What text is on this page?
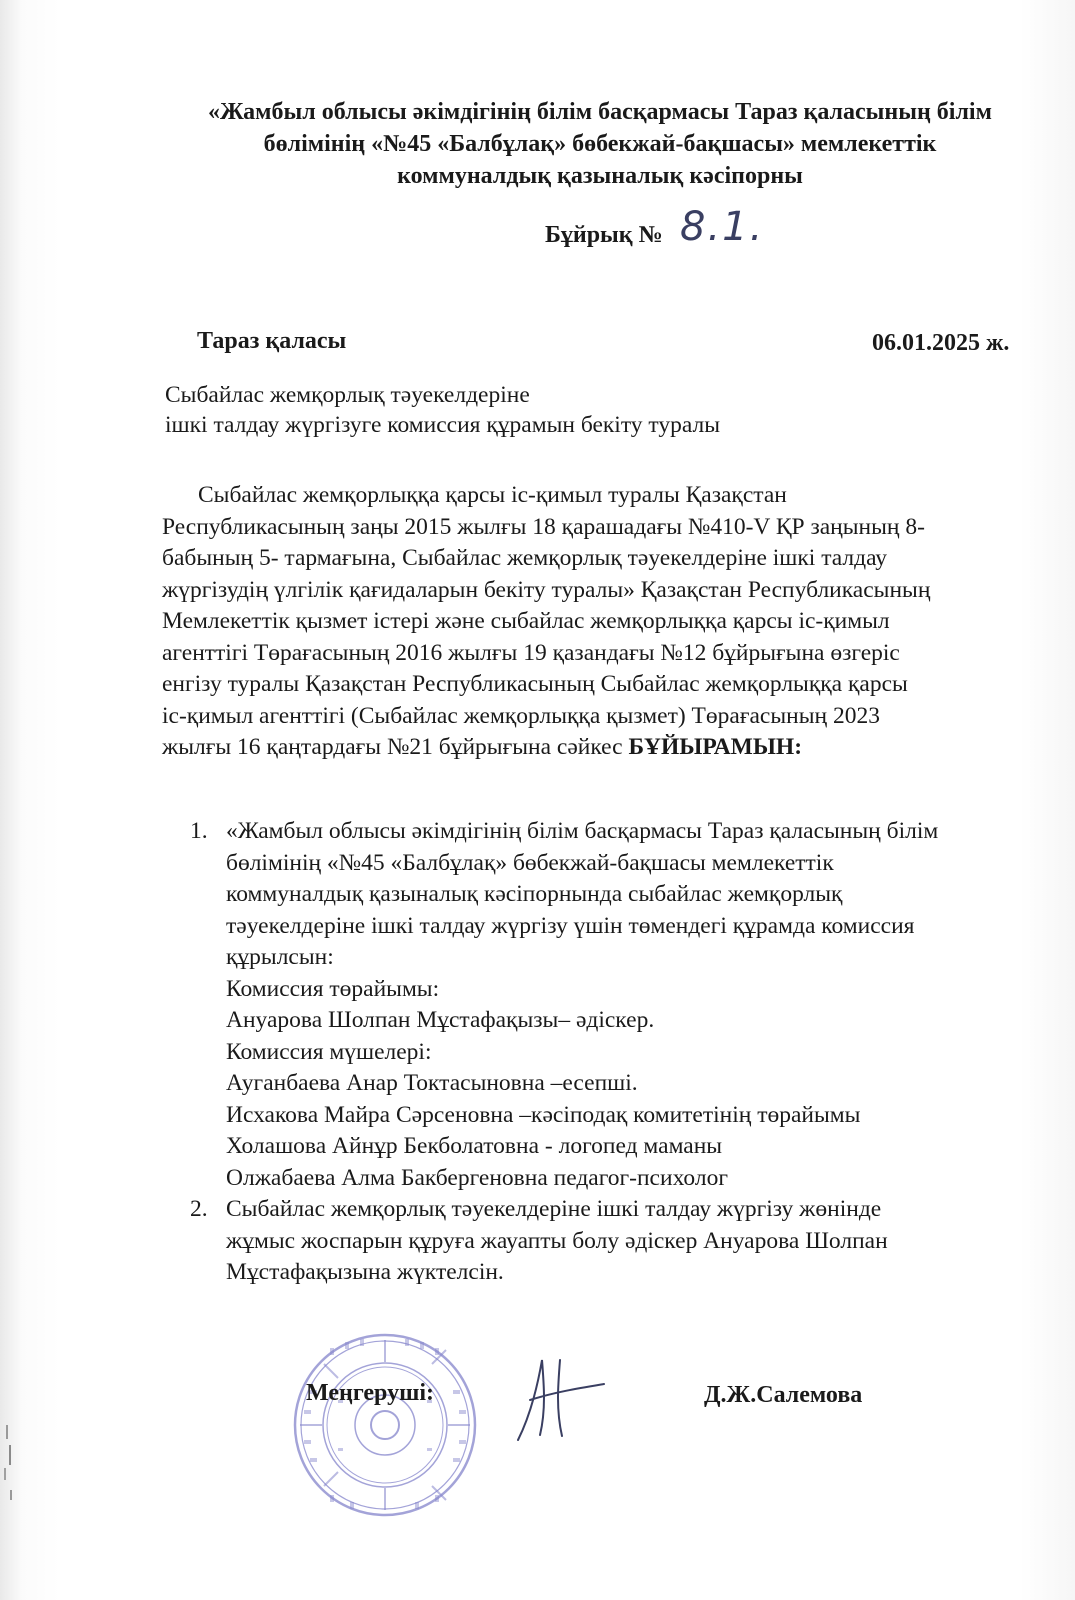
«Жамбыл облысы әкімдігінің білім басқармасы Тараз қаласының білім
бөлімінің «№45 «Балбұлақ» бөбекжай-бақшасы» мемлекеттік
коммуналдық қазыналық кәсіпорны
Бұйрық № 8.1.
Тараз қаласы	06.01.2025 ж.
Сыбайлас жемқорлық тәуекелдеріне
ішкі талдау жүргізуге комиссия құрамын бекіту туралы
Сыбайлас жемқорлыққа қарсы іс-қимыл туралы Қазақстан
Республикасының заңы 2015 жылғы 18 қарашадағы №410-V ҚР заңының 8-
бабының 5- тармағына, Сыбайлас жемқорлық тәуекелдеріне ішкі талдау
жүргізудің үлгілік қағидаларын бекіту туралы» Қазақстан Республикасының
Мемлекеттік қызмет істері және сыбайлас жемқорлыққа қарсы іс-қимыл
агенттігі Төрағасының 2016 жылғы 19 қазандағы №12 бұйрығына өзгеріс
енгізу туралы Қазақстан Республикасының Сыбайлас жемқорлыққа қарсы
іс-қимыл агенттігі (Сыбайлас жемқорлыққа қызмет) Төрағасының 2023
жылғы 16 қаңтардағы №21 бұйрығына сәйкес БҰЙЫРАМЫН:
1. «Жамбыл облысы әкімдігінің білім басқармасы Тараз қаласының білім
бөлімінің «№45 «Балбұлақ» бөбекжай-бақшасы мемлекеттік
коммуналдық қазыналық кәсіпорнында сыбайлас жемқорлық
тәуекелдеріне ішкі талдау жүргізу үшін төмендегі құрамда комиссия
құрылсын:
Комиссия төрайымы:
Ануарова Шолпан Мұстафақызы– әдіскер.
Комиссия мүшелері:
Ауганбаева Анар Токтасыновна –есепші.
Исхакова Майра Сәрсеновна –кәсіподақ комитетінің төрайымы
Холашова Айнұр Бекболатовна - логопед маманы
Олжабаева Алма Бакбергеновна педагог-психолог
2. Сыбайлас жемқорлық тәуекелдеріне ішкі талдау жүргізу жөнінде
жұмыс жоспарын құруға жауапты болу әдіскер Ануарова Шолпан
Мұстафақызына жүктелсін.
Меңгеруші:	Д.Ж.Салемова
